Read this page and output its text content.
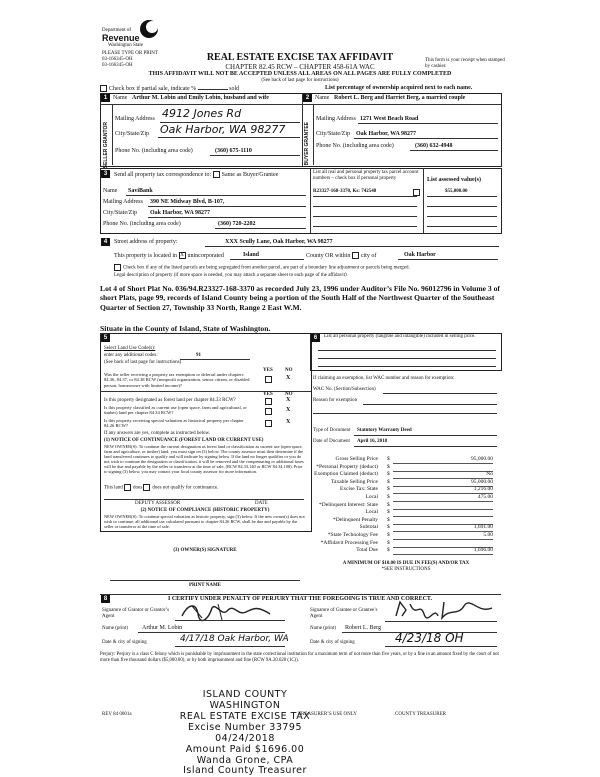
Department of
Revenue
Washington State
PLEASE TYPE OR PRINT
03-166345-OH
03-166345-OH
REAL ESTATE EXCISE TAX AFFIDAVIT
CHAPTER 82.45 RCW – CHAPTER 458-61A WAC
THIS AFFIDAVIT WILL NOT BE ACCEPTED UNLESS ALL AREAS ON ALL PAGES ARE FULLY COMPLETED
(See back of last page for instructions)
This form is your receipt when stamped by cashier.
Check box if partial sale, indicate %	sold	List percentage of ownership acquired next to each name.
SELLER GRANTOR	BUYER GRANTEE
1 Name Arthur M. Lobin and Emily Lobin, husband and wife	2 Name Robert L. Berg and Harriet Berg, a married couple
Mailing Address 4912 Jones Rd
City/State/Zip Oak Harbor, WA 98277
Phone No. (including area code)	(360) 675-1110
Mailing Address 1271 West Beach Road
City/State/Zip Oak Harbor, WA 98277
Phone No. (including area code)	(360) 632-4948
3	Send all property tax correspondence to: Same as Buyer/Grantee
Name SaviBank
Mailing Address 390 NE Midway Blvd, B-107,
City/State/Zip Oak Harbor, WA 98277
Phone No. (including area code)	(360) 720-2202
List all real and personal property tax parcel account numbers – check box if personal property	List assessed value(s)
R23327-168-3370, Ks: 742548	$55,000.00
4	Street address of property:	XXX Scully Lane, Oak Harbor, WA 98277
This property is located in X unincorporated	Island	County OR within city of	Oak Harbor
Check box if any of the listed parcels are being segregated from another parcel, are part of a boundary line adjustment or parcels being merged.
Legal description of property (if more space is needed, you may attach a separate sheet to each page of the affidavit)
Lot 4 of Short Plat No. 036/94.R23327-168-3370 as recorded July 23, 1996 under Auditor’s File No. 96012796 in Volume 3 of short Plats, page 99, records of Island County being a portion of the South Half of the Northwest Quarter of the Southeast Quarter of Section 27, Township 33 North, Range 2 East W.M.
Situate in the County of Island, State of Washington.
5
Select Land Use Code(s):
enter any additional codes:	91
(See back of last page for instructions)
YES NO
Was the seller receiving a property tax exemption or deferral under chapters 84.36, 84.37, or 84.38 RCW (nonprofit organization, senior citizen, or disabled person, homeowner with limited income)?
X
YES NO
Is this property designated as forest land per chapter 84.33 RCW?	X
Is this property classified as current use (open space, farm and agricultural, or timber) land per chapter 84.34 RCW?	X
Is this property receiving special valuation as historical property per chapter 84.26 RCW?
X
If any answers are yes, complete as instructed below.
(1) NOTICE OF CONTINUANCE (FOREST LAND OR CURRENT USE)
NEW OWNER(S): To continue the current designation as forest land or classification as current use (open space, farm and agriculture, or timber) land, you must sign on (3) below. The county assessor must then determine if the land transferred continues to qualify and will indicate by signing below. If the land no longer qualifies or you do not wish to continue the designation or classification, it will be removed and the compensating or additional taxes will be due and payable by the seller or transferor at the time of sale. (RCW 84.33.140 or RCW 84.34.108). Prior to signing (3) below, you may contact your local county assessor for more information.
This land does does not qualify for continuance.
DEPUTY ASSESSOR	DATE
(2) NOTICE OF COMPLIANCE (HISTORIC PROPERTY)
NEW OWNER(S): To continue special valuation as historic property, sign (3) below. If the new owner(s) does not wish to continue, all additional tax calculated pursuant to chapter 84.26 RCW, shall be due and payable by the seller or transferor at the time of sale.
(3) OWNER(S) SIGNATURE
PRINT NAME
6	List all personal property (tangible and intangible) included in selling price.
If claiming an exemption, list WAC number and reason for exemption:
WAC No. (Section/Subsection)
Reason for exemption
Type of Document Statutory Warranty Deed
Date of Document April 16, 2018
Gross Selling Price $	95,000.00
*Personal Property (deduct) $
Exemption Claimed (deduct) $	No
Taxable Selling Price $	95,000.00
Excise Tax: State $	1,216.00
Local $	475.00
*Delinquent Interest: State $
Local $
*Delinquent Penalty $
Subtotal $	1,691.00
*State Technology Fee $	5.00
*Affidavit Processing Fee $
Total Due $	1,696.00
A MINIMUM OF $10.00 IS DUE IN FEE(S) AND/OR TAX
*SEE INSTRUCTIONS
8	I CERTIFY UNDER PENALTY OF PERJURY THAT THE FOREGOING IS TRUE AND CORRECT.
Signature of Grantor or Grantor’s Agent
Signature of Grantee or Grantee’s Agent
Name (print) Arthur M. Lobin	Name (print) Robert L. Berg
Date & city of signing	4/17/18 Oak Harbor, WA	Date & city of signing	4/23/18 OH
Perjury: Perjury is a class C felony which is punishable by imprisonment in the state correctional institution for a maximum term of not more than five years, or by a fine in an amount fixed by the court of not more than five thousand dollars ($5,000.00), or by both imprisonment and fine (RCW 9A.20.020 (1C)).
ISLAND COUNTY WASHINGTON
REAL ESTATE EXCISE TAX
Excise Number 33795
04/24/2018
Amount Paid $1696.00
Wanda Grone, CPA
Island County Treasurer
REV 84 0001a	TREASURER’S USE ONLY	COUNTY TREASURER
